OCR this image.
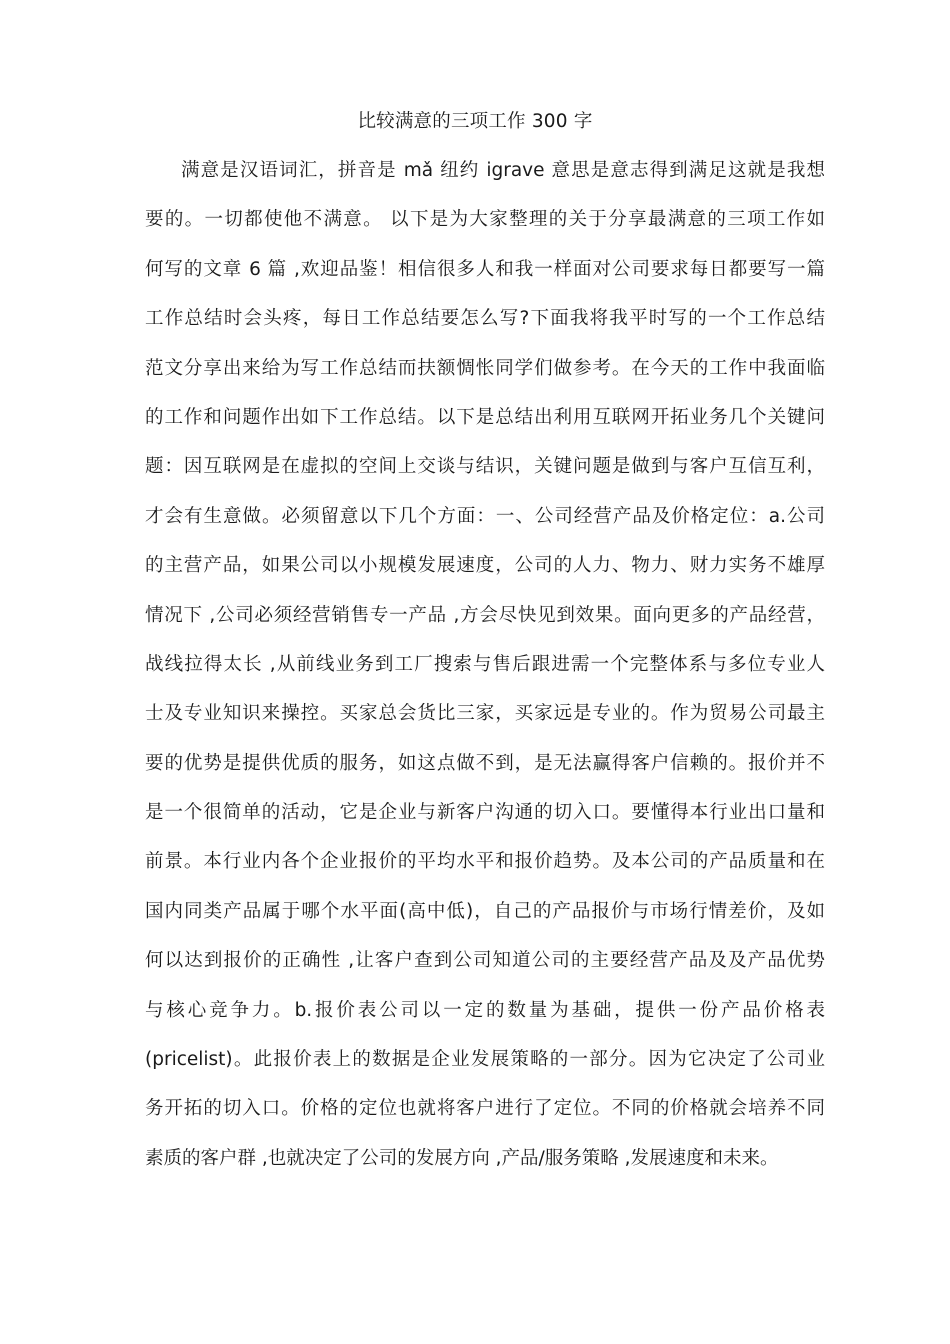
比较满意的三项工作 300 字
满意是汉语词汇，拼音是 mǎ 纽约 igrave 意思是意志得到满足这就是我想
要的。一切都使他不满意。 以下是为大家整理的关于分享最满意的三项工作如
何写的文章 6 篇 ,欢迎品鉴！相信很多人和我一样面对公司要求每日都要写一篇
工作总结时会头疼，每日工作总结要怎么写?下面我将我平时写的一个工作总结
范文分享出来给为写工作总结而扶额惆怅同学们做参考。在今天的工作中我面临
的工作和问题作出如下工作总结。以下是总结出利用互联网开拓业务几个关键问
题：因互联网是在虚拟的空间上交谈与结识，关键问题是做到与客户互信互利，
才会有生意做。必须留意以下几个方面：一、公司经营产品及价格定位：a.公司
的主营产品，如果公司以小规模发展速度，公司的人力、物力、财力实务不雄厚
情况下 ,公司必须经营销售专一产品 ,方会尽快见到效果。面向更多的产品经营，
战线拉得太长 ,从前线业务到工厂搜索与售后跟进需一个完整体系与多位专业人
士及专业知识来操控。买家总会货比三家，买家远是专业的。作为贸易公司最主
要的优势是提供优质的服务，如这点做不到，是无法赢得客户信赖的。报价并不
是一个很简单的活动，它是企业与新客户沟通的切入口。要懂得本行业出口量和
前景。本行业内各个企业报价的平均水平和报价趋势。及本公司的产品质量和在
国内同类产品属于哪个水平面(高中低)，自己的产品报价与市场行情差价，及如
何以达到报价的正确性 ,让客户查到公司知道公司的主要经营产品及及产品优势
与核心竞争力。b.报价表公司以一定的数量为基础，提供一份产品价格表
(pricelist)。此报价表上的数据是企业发展策略的一部分。因为它决定了公司业
务开拓的切入口。价格的定位也就将客户进行了定位。不同的价格就会培养不同
素质的客户群 ,也就决定了公司的发展方向 ,产品/服务策略 ,发展速度和未来。
